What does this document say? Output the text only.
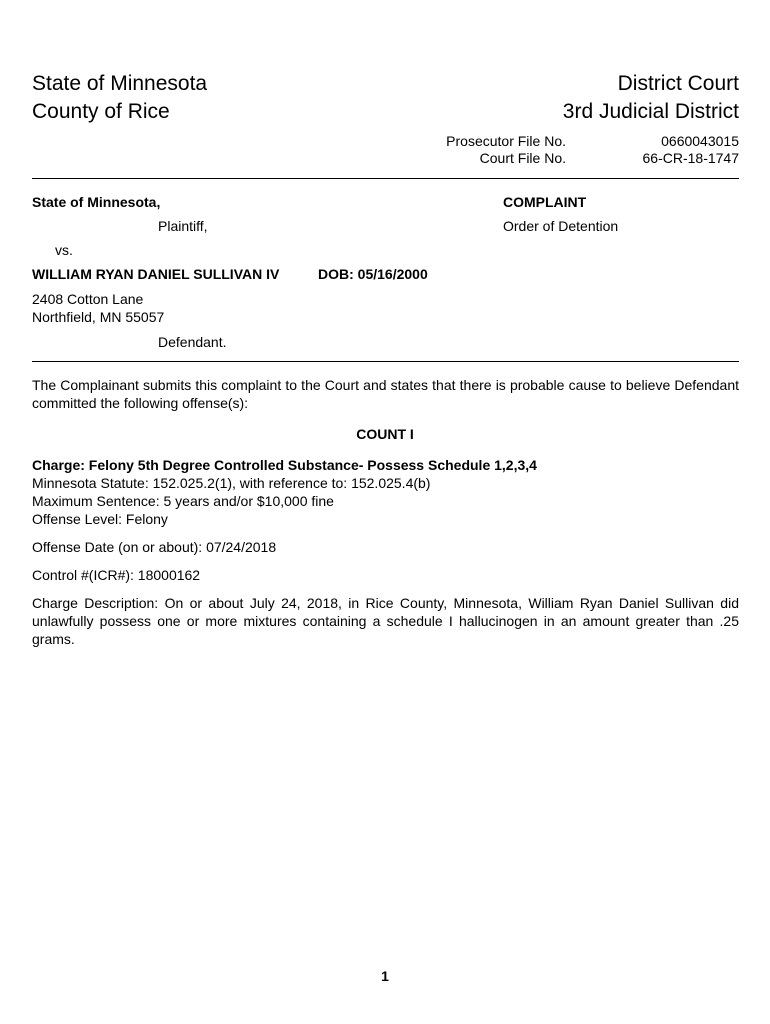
State of Minnesota
County of Rice
District Court
3rd Judicial District
Prosecutor File No.	0660043015
Court File No.	66-CR-18-1747
State of Minnesota,
Plaintiff,
vs.
WILLIAM RYAN DANIEL SULLIVAN IV	DOB: 05/16/2000
2408 Cotton Lane
Northfield, MN 55057
Defendant.
COMPLAINT
Order of Detention
The Complainant submits this complaint to the Court and states that there is probable cause to believe Defendant committed the following offense(s):
COUNT I
Charge: Felony 5th Degree Controlled Substance- Possess Schedule 1,2,3,4
Minnesota Statute: 152.025.2(1), with reference to: 152.025.4(b)
Maximum Sentence: 5 years and/or $10,000 fine
Offense Level: Felony
Offense Date (on or about): 07/24/2018
Control #(ICR#): 18000162
Charge Description: On or about July 24, 2018, in Rice County, Minnesota, William Ryan Daniel Sullivan did unlawfully possess one or more mixtures containing a schedule I hallucinogen in an amount greater than .25 grams.
1
